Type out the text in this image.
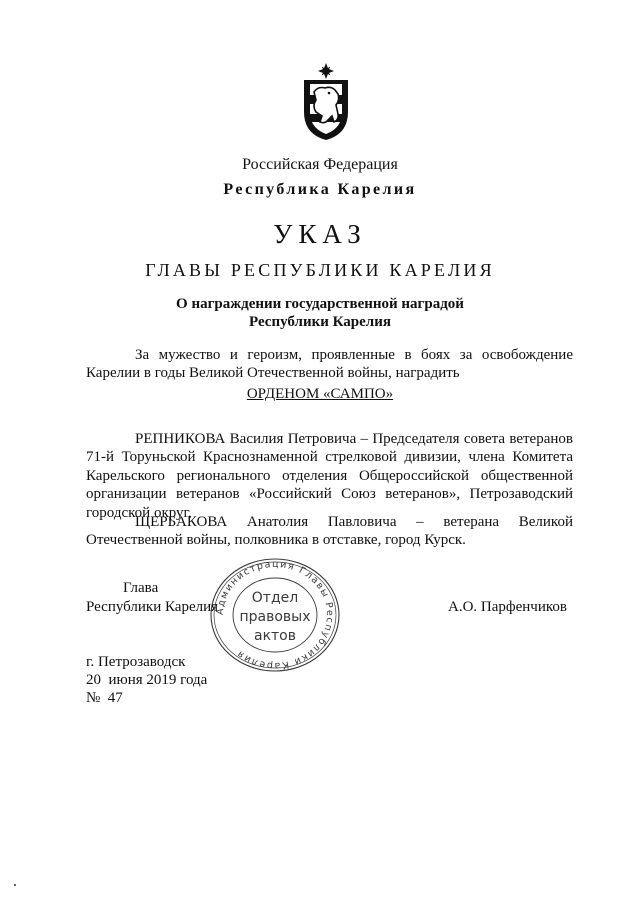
Российская Федерация
Республика Карелия
УКАЗ
ГЛАВЫ РЕСПУБЛИКИ КАРЕЛИЯ
О награждении государственной наградой
Республики Карелия
За мужество и героизм, проявленные в боях за освобождение Карелии в годы Великой Отечественной войны, наградить
ОРДЕНОМ «САМПО»
РЕПНИКОВА Василия Петровича – Председателя совета ветеранов 71-й Торуньской Краснознаменной стрелковой дивизии, члена Комитета Карельского регионального отделения Общероссийской общественной организации ветеранов «Российский Союз ветеранов», Петрозаводский городской округ,
ЩЕРБАКОВА Анатолия Павловича – ветерана Великой Отечественной войны, полковника в отставке, город Курск.
Администрация Главы Республики Карелия
Отдел
правовых
актов
Глава
Республики Карелия	А.О. Парфенчиков
г. Петрозаводск
20  июня 2019 года
№  47
